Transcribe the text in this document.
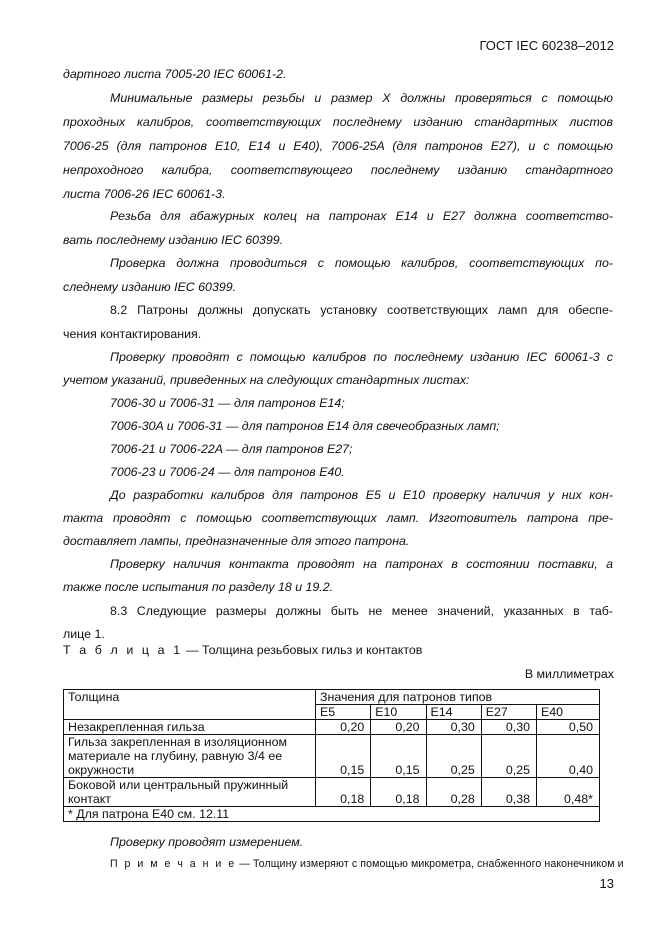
ГОСТ IEC 60238–2012
дартного листа 7005-20 IEC 60061-2.
Минимальные размеры резьбы и размер X должны проверяться с помощью
проходных калибров, соответствующих последнему изданию стандартных листов
7006-25 (для патронов E10, E14 и E40), 7006-25A (для патронов E27), и с помощью
непроходного калибра, соответствующего последнему изданию стандартного
листа 7006-26 IEC 60061-3.
Резьба для абажурных колец на патронах E14 и E27 должна соответство-
вать последнему изданию IEC 60399.
Проверка должна проводиться с помощью калибров, соответствующих по-
следнему изданию IEC 60399.
8.2 Патроны должны допускать установку соответствующих ламп для обеспе-
чения контактирования.
Проверку проводят с помощью калибров по последнему изданию IEC 60061-3 с
учетом указаний, приведенных на следующих стандартных листах:
7006-30 и 7006-31 — для патронов E14;
7006-30A и 7006-31 — для патронов E14 для свечеобразных ламп;
7006-21 и 7006-22A — для патронов E27;
7006-23 и 7006-24 — для патронов E40.
До разработки калибров для патронов E5 и E10 проверку наличия у них кон-
такта проводят с помощью соответствующих ламп. Изготовитель патрона пре-
доставляет лампы, предназначенные для этого патрона.
Проверку наличия контакта проводят на патронах в состоянии поставки, а
также после испытания по разделу 18 и 19.2.
8.3 Следующие размеры должны быть не менее значений, указанных в таб-
лице 1.
Т а б л и ц а 1 — Толщина резьбовых гильз и контактов
В миллиметрах
Толщина	Значения для патронов типов				
	E5	E10	E14	E27	E40
Незакрепленная гильза	0,20	0,20	0,30	0,30	0,50

Гильза закрепленная в изоляционном
материале на глубину, равную 3/4 ее
окружности	0,15	0,15	0,25	0,25	0,40

Боковой или центральный пружинный
контакт	0,18	0,18	0,28	0,38	0,48*
* Для патрона E40 см. 12.11					
Проверку проводят измерением.
П р и м е ч а н и е — Толщину измеряют с помощью микрометра, снабженного наконечником и
13
